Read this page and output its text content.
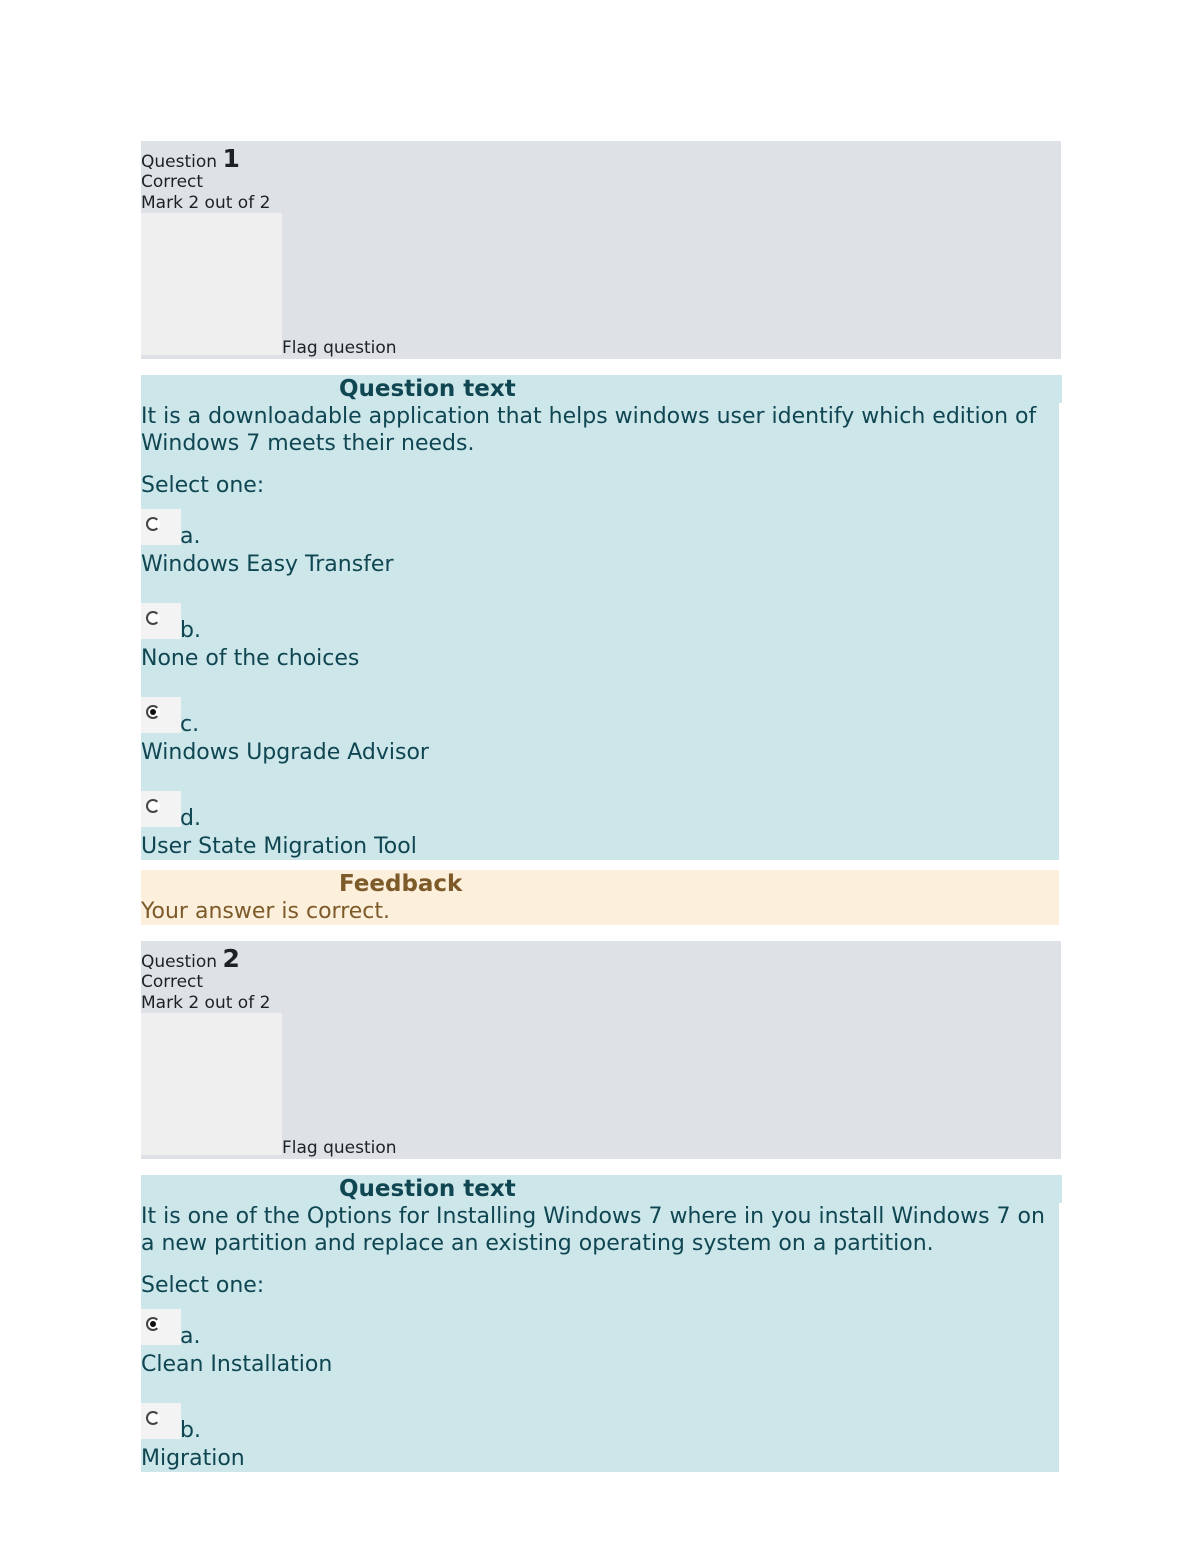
Question 1
Correct
Mark 2 out of 2
Flag question
Question text
It is a downloadable application that helps windows user identify which edition of Windows 7 meets their needs.
Select one:
a.
Windows Easy Transfer
b.
None of the choices
c.
Windows Upgrade Advisor
d.
User State Migration Tool
Feedback
Your answer is correct.
Question 2
Correct
Mark 2 out of 2
Flag question
Question text
It is one of the Options for Installing Windows 7 where in you install Windows 7 on a new partition and replace an existing operating system on a partition.
Select one:
a.
Clean Installation
b.
Migration
